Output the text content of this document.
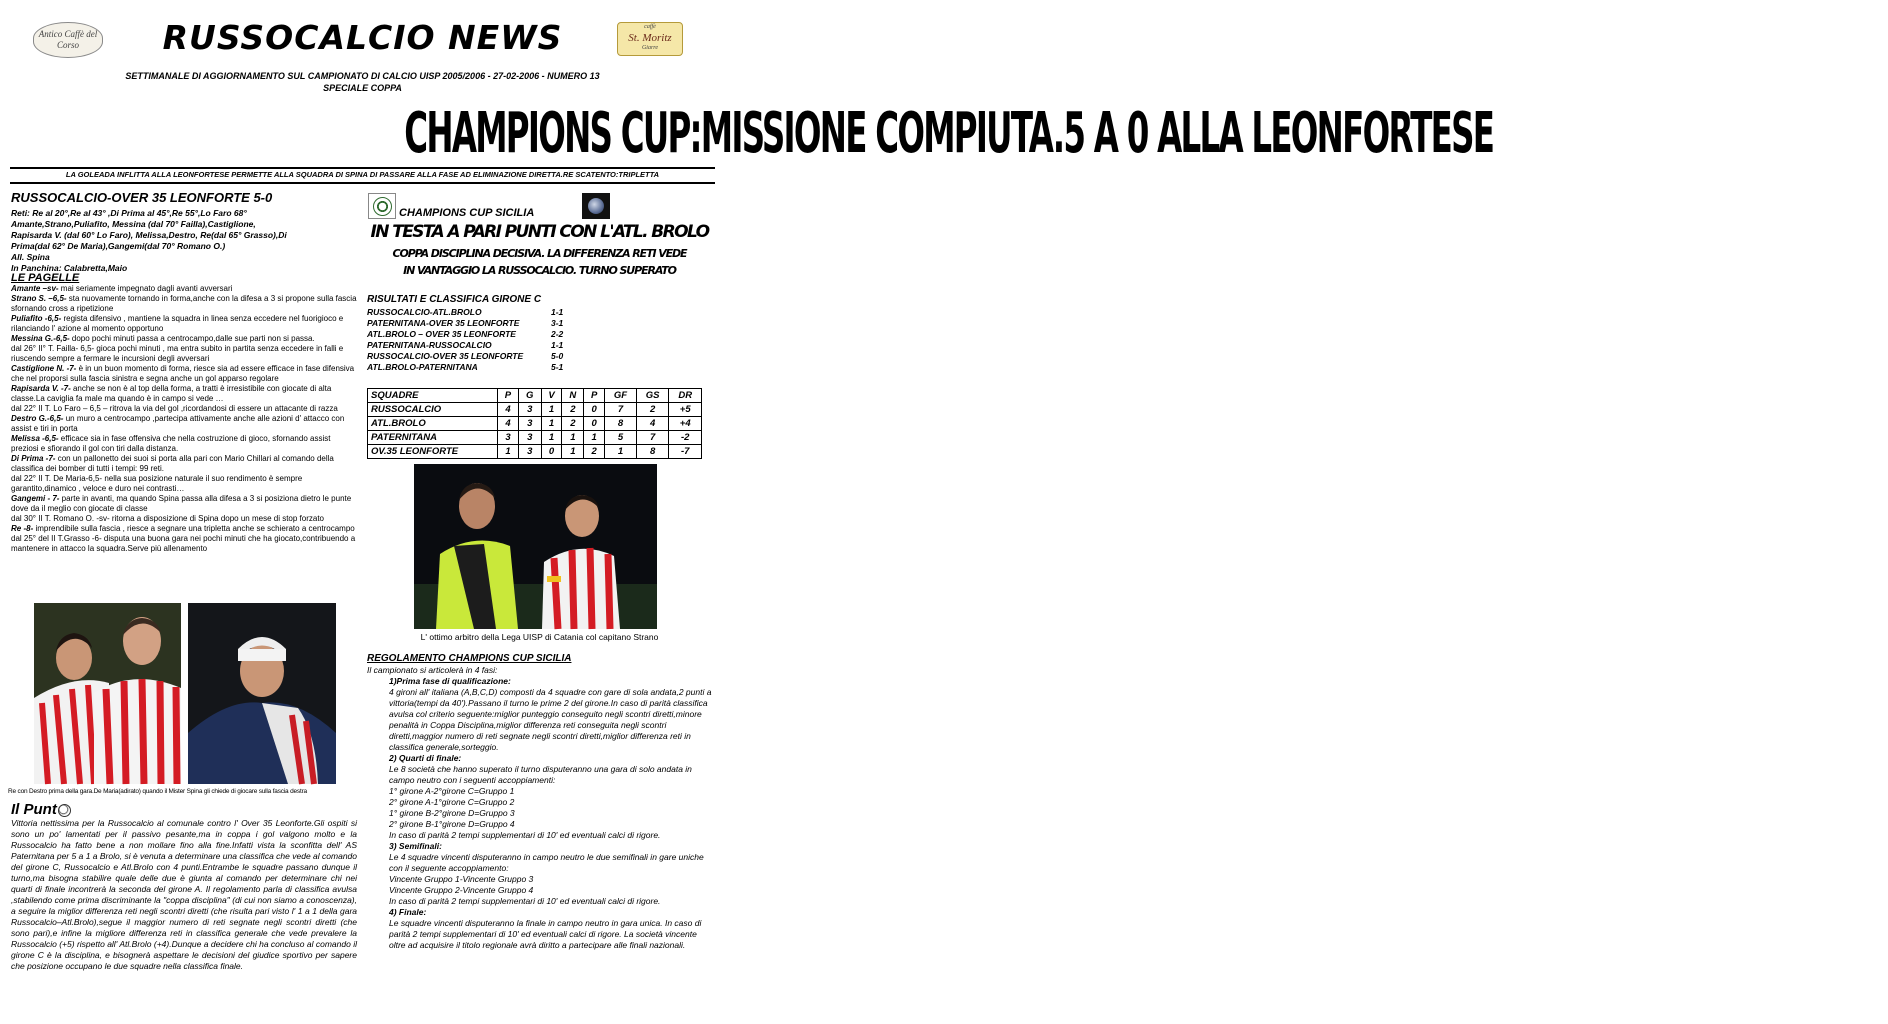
Antico Caffè del Corso	RUSSOCALCIO NEWS	caffè
St. Moritz
Giarre
SETTIMANALE DI AGGIORNAMENTO SUL CAMPIONATO DI CALCIO UISP 2005/2006 - 27-02-2006 - NUMERO 13
SPECIALE COPPA
CHAMPIONS CUP:MISSIONE COMPIUTA.5 A 0 ALLA LEONFORTESE
LA GOLEADA INFLITTA ALLA LEONFORTESE PERMETTE ALLA SQUADRA DI SPINA DI PASSARE ALLA FASE AD ELIMINAZIONE DIRETTA.RE SCATENTO:TRIPLETTA
RUSSOCALCIO-OVER 35 LEONFORTE 5-0
Reti: Re al 20°,Re al 43° ,Di Prima al 45°,Re 55°,Lo Faro 68°
Amante,Strano,Puliafito, Messina (dal 70° Failla),Castiglione,
Rapisarda V. (dal 60° Lo Faro), Melissa,Destro, Re(dal 65° Grasso),Di
Prima(dal 62° De Maria),Gangemi(dal 70° Romano O.)
All. Spina
In Panchina: Calabretta,Maio
LE PAGELLE

Amante –sv- mai seriamente impegnato dagli avanti avversari

Strano S. –6,5- sta nuovamente tornando in forma,anche con la difesa a 3 si propone sulla fascia sfornando cross a ripetizione

Puliafito -6,5- regista difensivo , mantiene la squadra in linea senza eccedere nel fuorigioco e rilanciando l' azione al momento opportuno

Messina G.-6,5- dopo pochi minuti passa a centrocampo,dalle sue parti non si passa.

dal 26° II° T. Failla- 6,5- gioca pochi minuti , ma entra subito in partita senza eccedere in falli e riuscendo sempre a fermare le incursioni degli avversari

Castiglione N. -7- è in un buon momento di forma, riesce sia ad essere efficace in fase difensiva che nel proporsi sulla fascia sinistra e segna anche un gol apparso regolare

Rapisarda V. -7- anche se non è al top della forma, a tratti è irresistibile con giocate di alta classe.La caviglia fa male ma quando è in campo si vede …

dal 22° II T. Lo Faro – 6,5 – ritrova la via del gol ,ricordandosi di essere un attacante di razza

Destro G.-6,5- un muro a centrocampo ,partecipa attivamente anche alle azioni d' attacco con assist e tiri in porta

Melissa -6,5- efficace sia in fase offensiva che nella costruzione di gioco, sfornando assist preziosi e sfiorando il gol con tiri dalla distanza.

Di Prima -7- con un pallonetto dei suoi si porta alla pari con Mario Chillari al comando della classifica dei bomber di tutti i tempi: 99 reti.

dal 22° II T. De Maria-6,5- nella sua posizione naturale il suo rendimento è sempre garantito,dinamico , veloce e duro nei contrasti…

Gangemi - 7- parte in avanti, ma quando Spina passa alla difesa a 3 si posiziona dietro le punte dove da il meglio con giocate di classe

dal 30° II T. Romano O. -sv- ritorna a disposizione di Spina dopo un mese di stop forzato

Re -8- imprendibile sulla fascia , riesce a segnare una tripletta anche se schierato a centrocampo

dal 25° del II T.Grasso -6- disputa una buona gara nei pochi minuti che ha giocato,contribuendo a mantenere in attacco la squadra.Serve più allenamento

Re con Destro prima della gara.De Maria(adirato) quando il Mister Spina gli chiede di giocare sulla fascia destra
Il Punt
Vittoria nettissima per la Russocalcio al comunale contro l' Over 35 Leonforte.Gli ospiti si sono un po' lamentati per il passivo pesante,ma in coppa i gol valgono molto e la Russocalcio ha fatto bene a non mollare fino alla fine.Infatti vista la sconfitta dell' AS Paternitana per 5 a 1 a Brolo, si è venuta a determinare una classifica che vede al comando del girone C, Russocalcio e Atl.Brolo con 4 punti.Entrambe le squadre passano dunque il turno,ma bisogna stabilire quale delle due è giunta al comando per determinare chi nei quarti di finale incontrerà la seconda del girone A. Il regolamento parla di classifica avulsa ,stabilendo come prima discriminante la "coppa disciplina" (di cui non siamo a conoscenza), a seguire la miglior differenza reti negli scontri diretti (che risulta pari visto l' 1 a 1 della gara Russocalcio–Atl.Brolo),segue il maggior numero di reti segnate negli scontri diretti (che sono pari),e infine la migliore differenza reti in classifica generale che vede prevalere la Russocalcio (+5) rispetto all' Atl.Brolo (+4).Dunque a decidere chi ha concluso al comando il girone C è la disciplina, e bisognerà aspettare le decisioni del giudice sportivo per sapere che posizione occupano le due squadre nella classifica finale.
CHAMPIONS CUP SICILIA
IN TESTA A PARI PUNTI CON L'ATL. BROLO
COPPA DISCIPLINA DECISIVA. LA DIFFERENZA RETI VEDE
IN VANTAGGIO LA RUSSOCALCIO. TURNO SUPERATO
RISULTATI E CLASSIFICA GIRONE C
RUSSOCALCIO-ATL.BROLO	1-1
PATERNITANA-OVER 35 LEONFORTE	3-1
ATL.BROLO – OVER 35 LEONFORTE	2-2
PATERNITANA-RUSSOCALCIO	1-1
RUSSOCALCIO-OVER 35 LEONFORTE	5-0
ATL.BROLO-PATERNITANA	5-1
SQUADRE	P	G	V	N	P	GF	GS	DR
RUSSOCALCIO	4	3	1	2	0	7	2	+5
ATL.BROLO	4	3	1	2	0	8	4	+4
PATERNITANA	3	3	1	1	1	5	7	-2
OV.35 LEONFORTE	1	3	0	1	2	1	8	-7
L' ottimo arbitro della Lega UISP di Catania col capitano Strano
REGOLAMENTO CHAMPIONS CUP SICILIA

Il campionato si articolerà in 4 fasi:

1)Prima fase di qualificazione:

4 gironi all' italiana (A,B,C,D) composti da 4 squadre con gare di sola andata,2 punti a vittoria(tempi da 40').Passano il turno le prime 2 del girone.In caso di parità classifica avulsa col criterio seguente:miglior punteggio conseguito negli scontri diretti,minore penalità in Coppa Disciplina,miglior differenza reti conseguita negli scontri diretti,maggior numero di reti segnate negli scontri diretti,miglior differenza reti in classifica generale,sorteggio.

2) Quarti di finale:

Le 8 società che hanno superato il turno disputeranno una gara di solo andata in campo neutro con i seguenti accoppiamenti:

1° girone A-2°girone C=Gruppo 1

2° girone A-1°girone C=Gruppo 2

1° girone B-2°girone D=Gruppo 3

2° girone B-1°girone D=Gruppo 4

In caso di parità 2 tempi supplementari di 10' ed eventuali calci di rigore.

3) Semifinali:

Le 4 squadre vincenti disputeranno in campo neutro le due semifinali in gare uniche con il seguente accoppiamento:

Vincente Gruppo 1-Vincente Gruppo 3

Vincente Gruppo 2-Vincente Gruppo 4

In caso di parità 2 tempi supplementari di 10' ed eventuali calci di rigore.

4) Finale:

Le squadre vincenti disputeranno la finale in campo neutro in gara unica. In caso di parità 2 tempi supplementari di 10' ed eventuali calci di rigore. La società vincente oltre ad acquisire il titolo regionale avrà diritto a partecipare alle finali nazionali.
